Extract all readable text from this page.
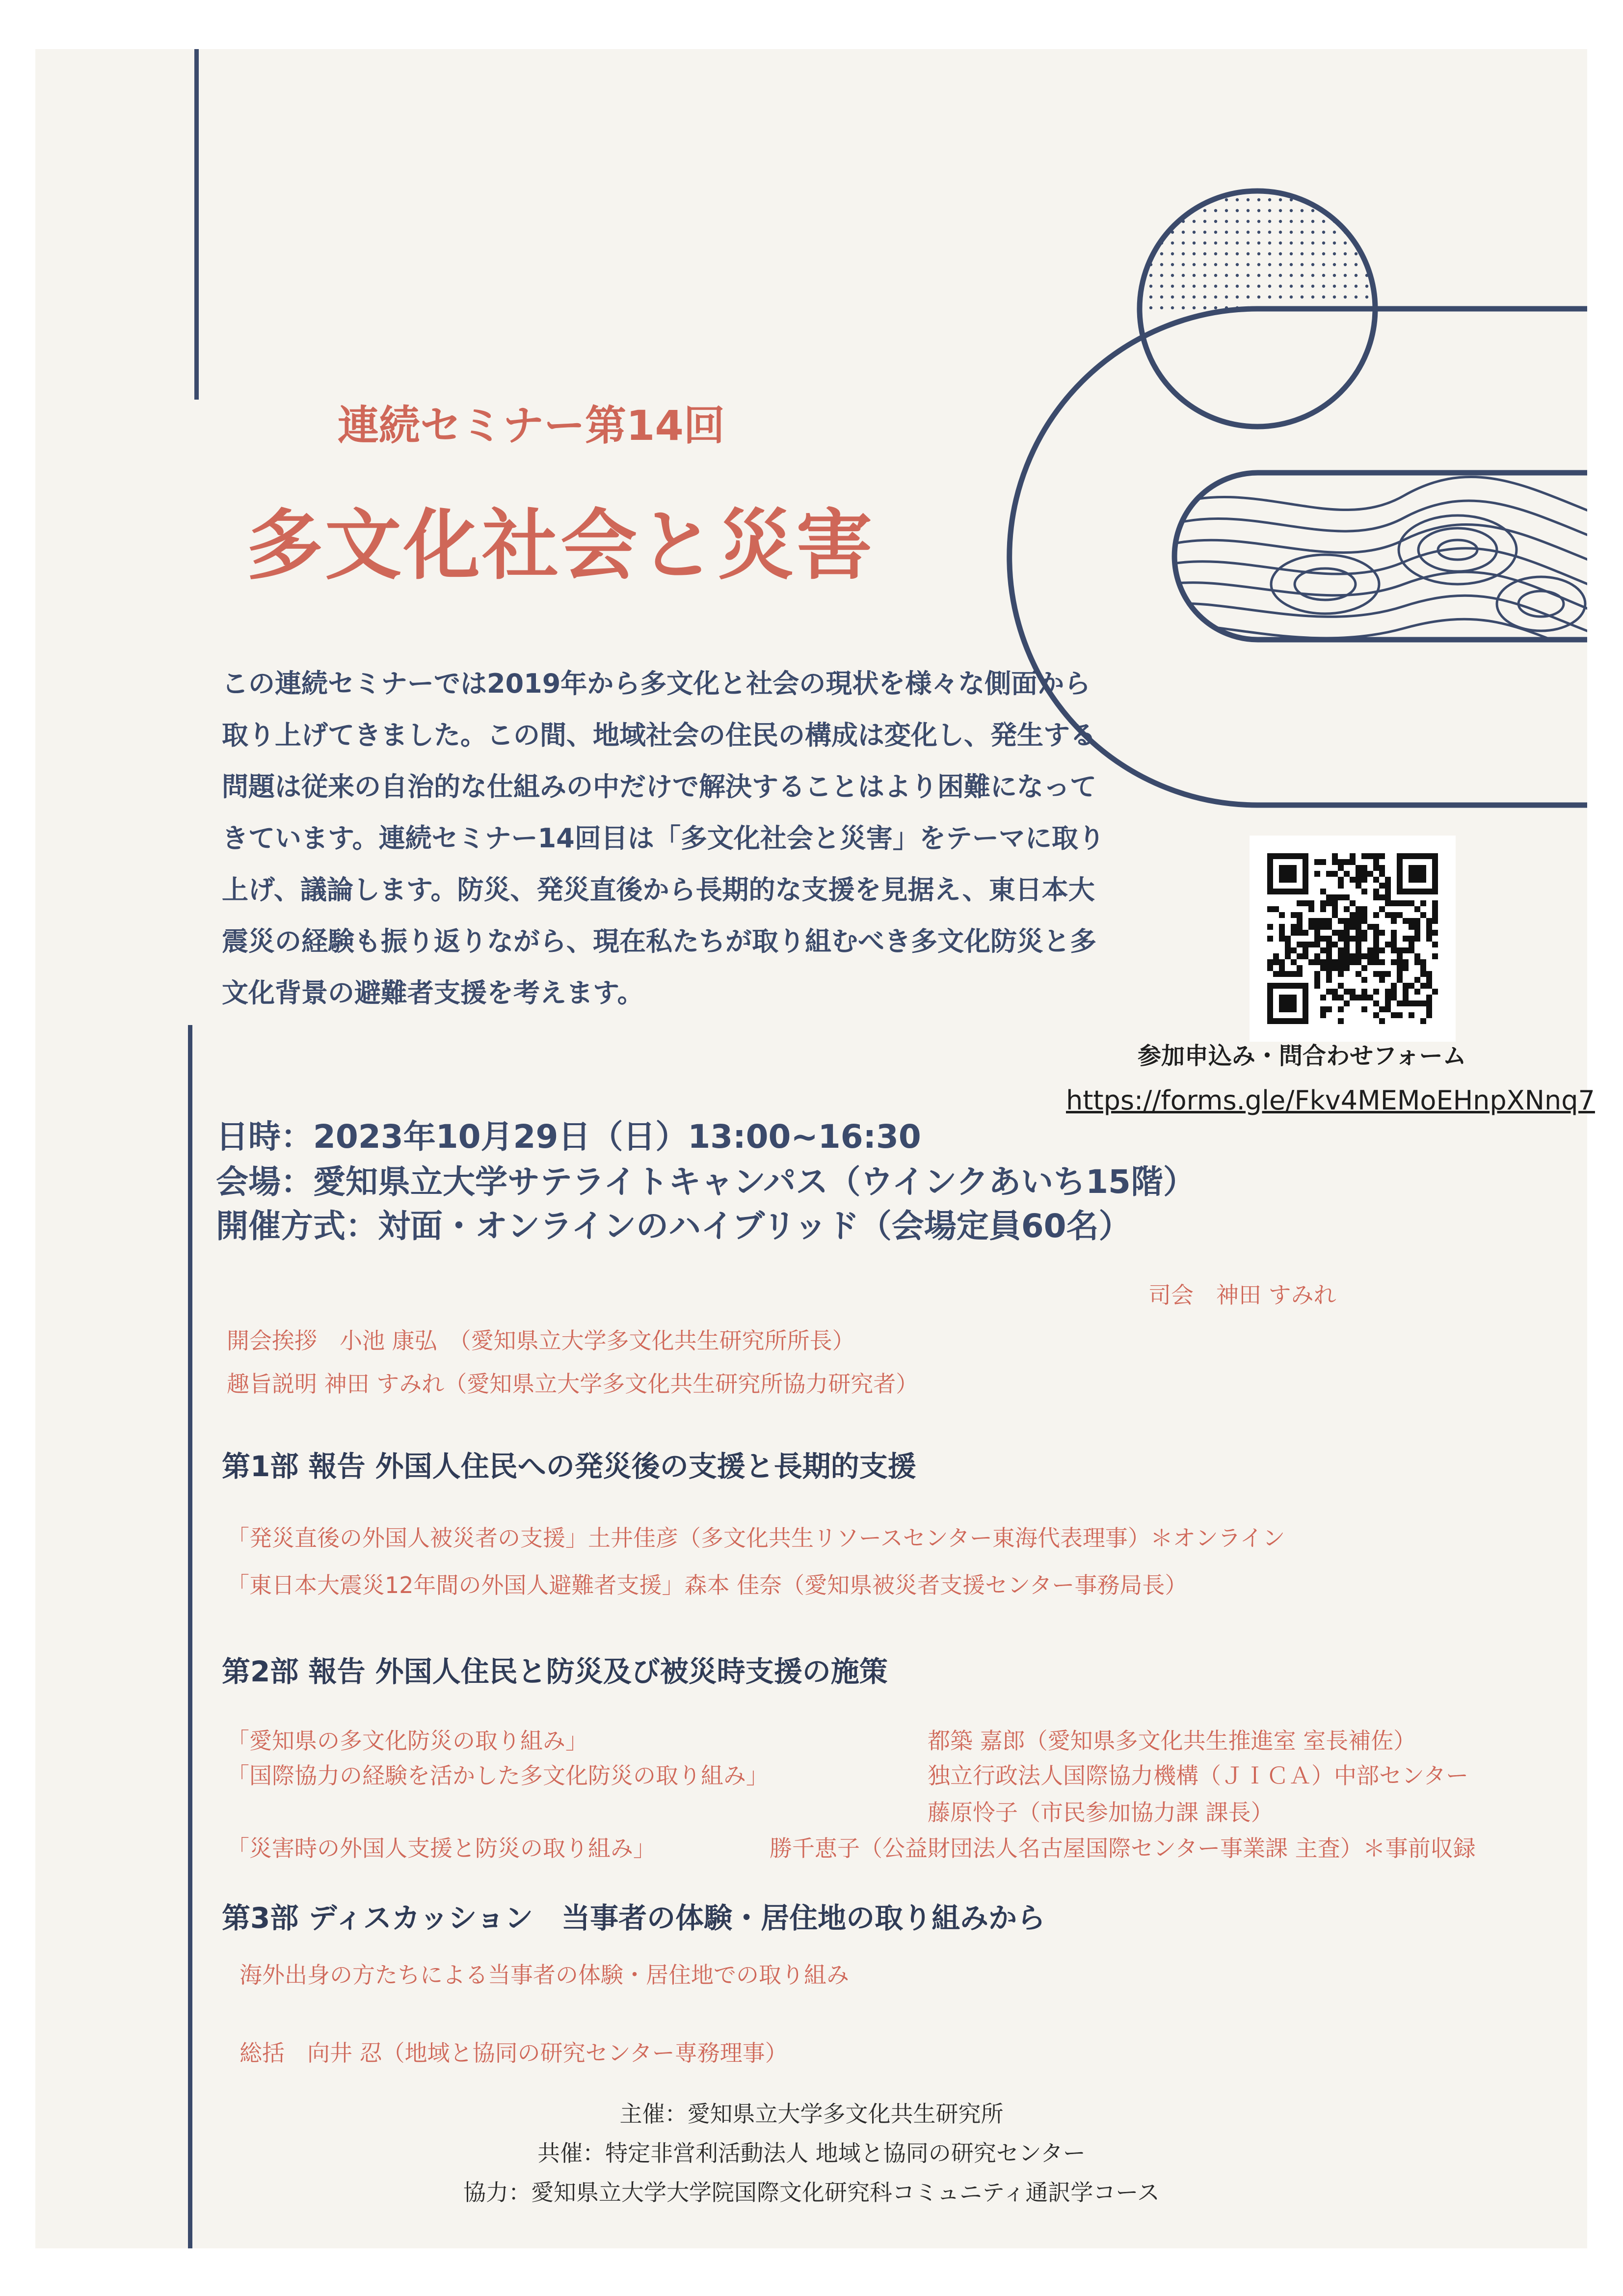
連続セミナー第14回
多文化社会と災害
この連続セミナーでは2019年から多文化と社会の現状を様々な側面から
取り上げてきました。この間、地域社会の住民の構成は変化し、発生する
問題は従来の自治的な仕組みの中だけで解決することはより困難になって
きています。連続セミナー14回目は「多文化社会と災害」をテーマに取り
上げ、議論します。防災、発災直後から長期的な支援を見据え、東日本大
震災の経験も振り返りながら、現在私たちが取り組むべき多文化防災と多
文化背景の避難者支援を考えます。
参加申込み・問合わせフォーム
https://forms.gle/Fkv4MEMoEHnpXNnq7
日時：2023年10月29日（日）13:00~16:30
会場：愛知県立大学サテライトキャンパス（ウインクあいち15階）
開催方式：対面・オンラインのハイブリッド（会場定員60名）
司会　神田 すみれ
開会挨拶　小池 康弘　（愛知県立大学多文化共生研究所所長）
趣旨説明 神田 すみれ（愛知県立大学多文化共生研究所協力研究者）
第1部 報告 外国人住民への発災後の支援と長期的支援
「発災直後の外国人被災者の支援」土井佳彦（多文化共生リソースセンター東海代表理事）＊オンライン
「東日本大震災12年間の外国人避難者支援」森本 佳奈（愛知県被災者支援センター事務局長）
第2部 報告 外国人住民と防災及び被災時支援の施策
「愛知県の多文化防災の取り組み」	都築 嘉郎（愛知県多文化共生推進室 室長補佐）
「国際協力の経験を活かした多文化防災の取り組み」	独立行政法人国際協力機構（ＪＩＣＡ）中部センター
藤原怜子（市民参加協力課 課長）
「災害時の外国人支援と防災の取り組み」	勝千恵子（公益財団法人名古屋国際センター事業課 主査）＊事前収録
第3部 ディスカッション　当事者の体験・居住地の取り組みから
海外出身の方たちによる当事者の体験・居住地での取り組み
総括　向井 忍（地域と協同の研究センター専務理事）
主催：愛知県立大学多文化共生研究所
共催：特定非営利活動法人 地域と協同の研究センター
協力：愛知県立大学大学院国際文化研究科コミュニティ通訳学コース
